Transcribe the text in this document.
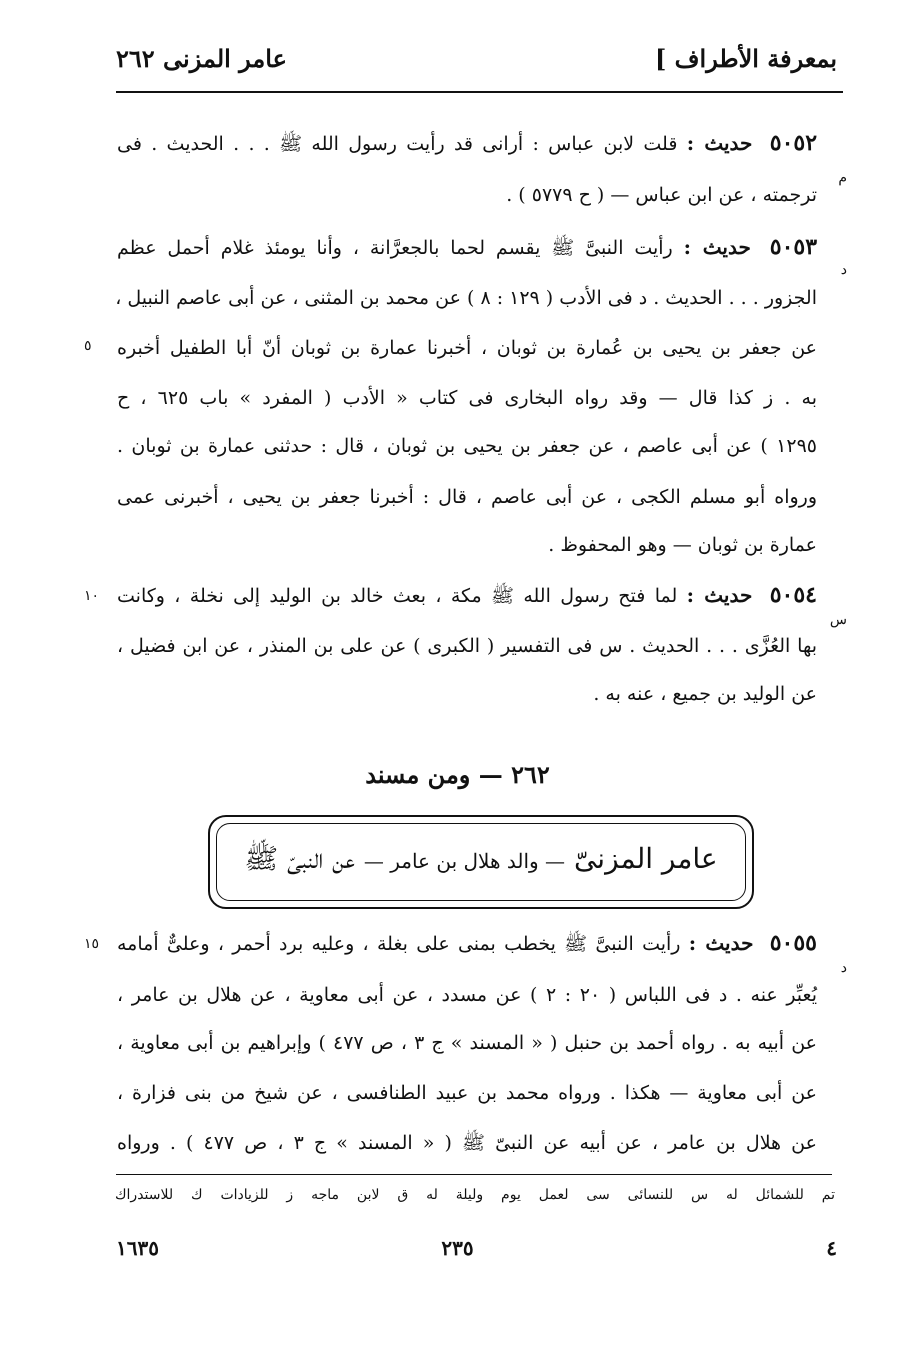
بمعرفة الأطراف ]
عامر المزنى ٢٦٢
٥٠٥٢ حديث : قلت لابن عباس : أرانى قد رأيت رسول الله ﷺ . . . الحديث . فى
م
ترجمته ، عن ابن عباس — ( ح ٥٧٧٩ ) .
٥٠٥٣ حديث : رأيت النبىَّ ﷺ يقسم لحما بالجعرَّانة ، وأنا يومئذ غلام أحمل عظم
د
الجزور . . . الحديث . د فى الأدب ( ١٢٩ : ٨ ) عن محمد بن المثنى ، عن أبى عاصم النبيل ،
عن جعفر بن يحيى بن عُمارة بن ثوبان ، أخبرنا عمارة بن ثوبان أنّ أبا الطفيل أخبره
٥
به . ز كذا قال — وقد رواه البخارى فى كتاب « الأدب ( المفرد » باب ٦٢٥ ، ح
١٢٩٥ ) عن أبى عاصم ، عن جعفر بن يحيى بن ثوبان ، قال : حدثنى عمارة بن ثوبان .
ورواه أبو مسلم الكجى ، عن أبى عاصم ، قال : أخبرنا جعفر بن يحيى ، أخبرنى عمى
عمارة بن ثوبان — وهو المحفوظ .
٥٠٥٤ حديث : لما فتح رسول الله ﷺ مكة ، بعث خالد بن الوليد إلى نخلة ، وكانت
١٠
س
بها العُزَّى . . . الحديث . س فى التفسير ( الكبرى ) عن على بن المنذر ، عن ابن فضيل ،
عن الوليد بن جميع ، عنه به .
٢٦٢ — ومن مسند
عامر المزنىّ — والد هلال بن عامر — عن النبىّ ﷺ
٥٠٥٥ حديث : رأيت النبىَّ ﷺ يخطب بمنى على بغلة ، وعليه برد أحمر ، وعلىٌّ أمامه
١٥
د
يُعبِّر عنه . د فى اللباس ( ٢٠ : ٢ ) عن مسدد ، عن أبى معاوية ، عن هلال بن عامر ،
عن أبيه به . رواه أحمد بن حنبل ( « المسند » ج ٣ ، ص ٤٧٧ ) وإبراهيم بن أبى معاوية ،
عن أبى معاوية — هكذا . ورواه محمد بن عبيد الطنافسى ، عن شيخ من بنى فزارة ،
عن هلال بن عامر ، عن أبيه عن النبىّ ﷺ ( « المسند » ج ٣ ، ص ٤٧٧ ) . ورواه
تم للشمائل له س للنسائى سى لعمل يوم وليلة له ق لابن ماجه ز للزيادات ك للاستدراك
٤
٢٣٥
١٦٣٥
